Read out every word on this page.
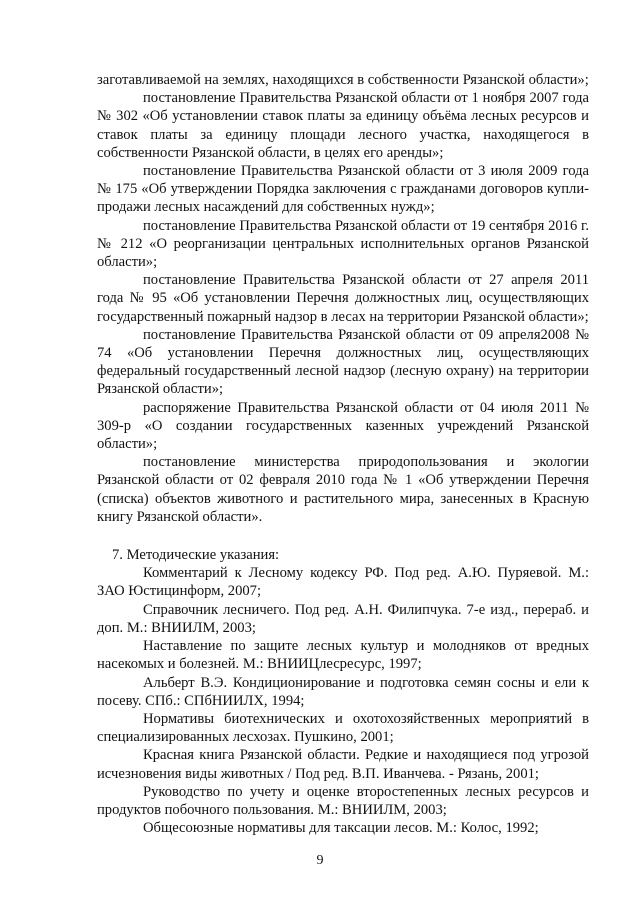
заготавливаемой на землях, находящихся в собственности Рязанской области»;

постановление Правительства Рязанской области от 1 ноября 2007 года № 302 «Об установлении ставок платы за единицу объёма лесных ресурсов и ставок платы за единицу площади лесного участка, находящегося в собственности Рязанской области, в целях его аренды»;

постановление Правительства Рязанской области от 3 июля 2009 года № 175 «Об утверждении Порядка заключения с гражданами договоров купли-продажи лесных насаждений для собственных нужд»;

постановление Правительства Рязанской области от 19 сентября 2016 г. № 212 «О реорганизации центральных исполнительных органов Рязанской области»;

постановление Правительства Рязанской области от 27 апреля 2011 года № 95 «Об установлении Перечня должностных лиц, осуществляющих государственный пожарный надзор в лесах на территории Рязанской области»;

постановление Правительства Рязанской области от 09 апреля2008 № 74 «Об установлении Перечня должностных лиц, осуществляющих федеральный государственный лесной надзор (лесную охрану) на территории Рязанской области»;

распоряжение Правительства Рязанской области от 04 июля 2011 № 309-р «О создании государственных казенных учреждений Рязанской области»;

постановление министерства природопользования и экологии Рязанской области от 02 февраля 2010 года № 1 «Об утверждении Перечня (списка) объектов животного и растительного мира, занесенных в Красную книгу Рязанской области».

7. Методические указания:

Комментарий к Лесному кодексу РФ. Под ред. А.Ю. Пуряевой. М.: ЗАО Юстицинформ, 2007;

Справочник лесничего. Под ред. А.Н. Филипчука. 7-е изд., перераб. и доп. М.: ВНИИЛМ, 2003;

Наставление по защите лесных культур и молодняков от вредных насекомых и болезней. М.: ВНИИЦлесресурс, 1997;

Альберт В.Э. Кондиционирование и подготовка семян сосны и ели к посеву. СПб.: СПбНИИЛХ, 1994;

Нормативы биотехнических и охотохозяйственных мероприятий в специализированных лесхозах. Пушкино, 2001;

Красная книга Рязанской области. Редкие и находящиеся под угрозой исчезновения виды животных / Под ред. В.П. Иванчева. - Рязань, 2001;

Руководство по учету и оценке второстепенных лесных ресурсов и продуктов побочного пользования. М.: ВНИИЛМ, 2003;

Общесоюзные нормативы для таксации лесов. М.: Колос, 1992;

9
